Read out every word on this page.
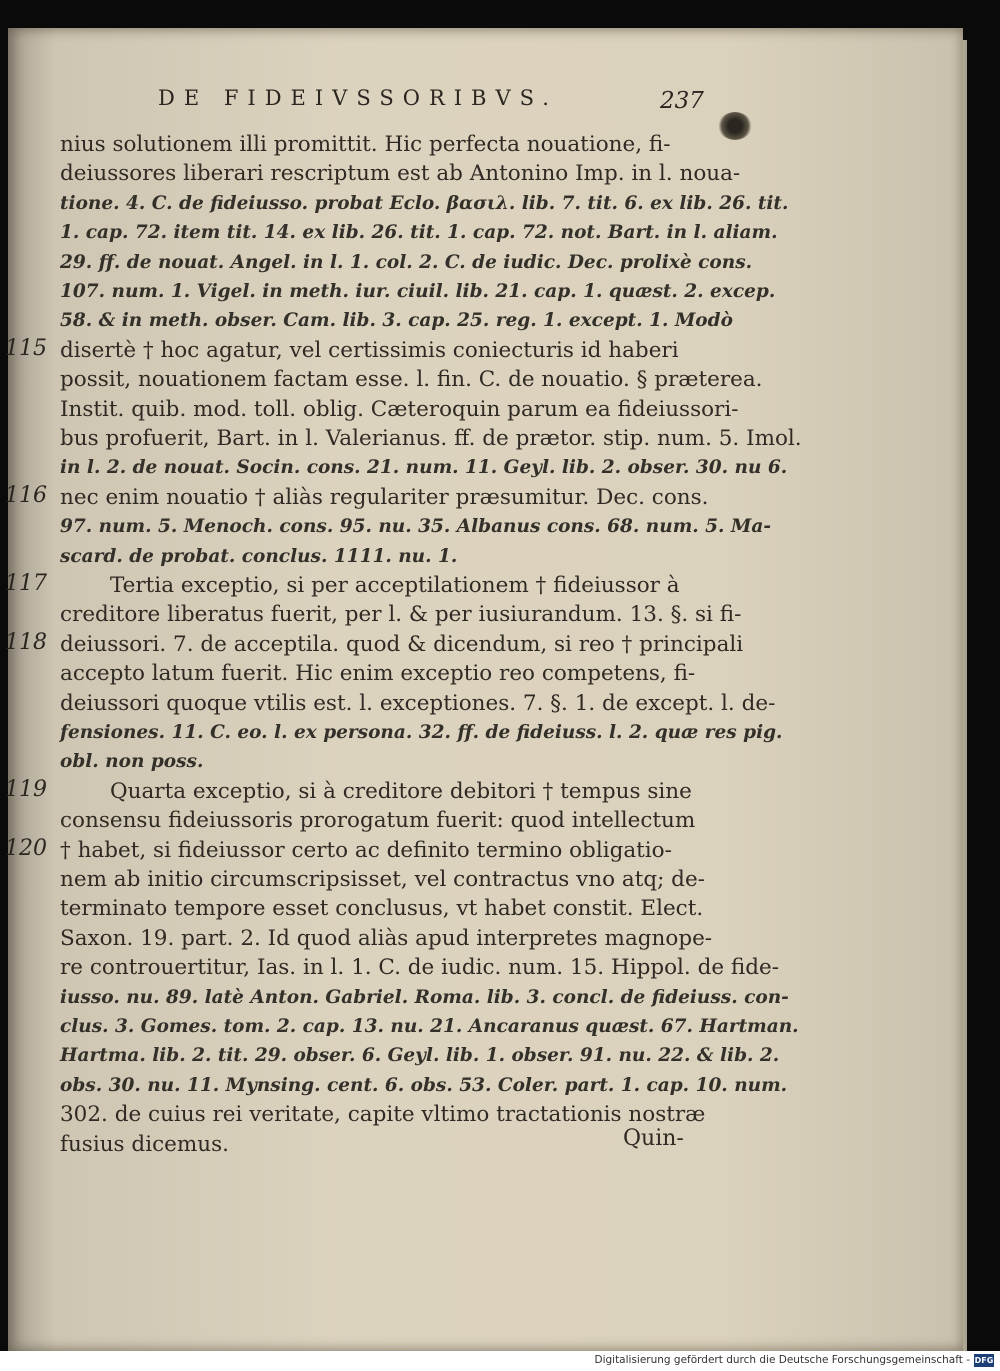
DE FIDEIVSSORIBVS.	237
nius solutionem illi promittit. Hic perfecta nouatione, fi-
deiussores liberari rescriptum est ab Antonino Imp. in l. noua-
tione. 4. C. de fideiusso. probat Eclo. βασιλ. lib. 7. tit. 6. ex lib. 26. tit.
1. cap. 72. item tit. 14. ex lib. 26. tit. 1. cap. 72. not. Bart. in l. aliam.
29. ff. de nouat. Angel. in l. 1. col. 2. C. de iudic. Dec. prolixè cons.
107. num. 1. Vigel. in meth. iur. ciuil. lib. 21. cap. 1. quæst. 2. excep.
58. & in meth. obser. Cam. lib. 3. cap. 25. reg. 1. except. 1. Modò
disertè † hoc agatur, vel certissimis coniecturis id haberi
possit, nouationem factam esse. l. fin. C. de nouatio. § præterea.
Instit. quib. mod. toll. oblig. Cæteroquin parum ea fideiussori-
bus profuerit, Bart. in l. Valerianus. ff. de prætor. stip. num. 5. Imol.
in l. 2. de nouat. Socin. cons. 21. num. 11. Geyl. lib. 2. obser. 30. nu 6.
nec enim nouatio † aliàs regulariter præsumitur. Dec. cons.
97. num. 5. Menoch. cons. 95. nu. 35. Albanus cons. 68. num. 5. Ma-
scard. de probat. conclus. 1111. nu. 1.
Tertia exceptio, si per acceptilationem † fideiussor à
creditore liberatus fuerit, per l. & per iusiurandum. 13. §. si fi-
deiussori. 7. de acceptila. quod & dicendum, si reo † principali
accepto latum fuerit. Hic enim exceptio reo competens, fi-
deiussori quoque vtilis est. l. exceptiones. 7. §. 1. de except. l. de-
fensiones. 11. C. eo. l. ex persona. 32. ff. de fideiuss. l. 2. quæ res pig.
obl. non poss.
Quarta exceptio, si à creditore debitori † tempus sine
consensu fideiussoris prorogatum fuerit: quod intellectum
† habet, si fideiussor certo ac definito termino obligatio-
nem ab initio circumscripsisset, vel contractus vno atq; de-
terminato tempore esset conclusus, vt habet constit. Elect.
Saxon. 19. part. 2. Id quod aliàs apud interpretes magnope-
re controuertitur, Ias. in l. 1. C. de iudic. num. 15. Hippol. de fide-
iusso. nu. 89. latè Anton. Gabriel. Roma. lib. 3. concl. de fideiuss. con-
clus. 3. Gomes. tom. 2. cap. 13. nu. 21. Ancaranus quæst. 67. Hartman.
Hartma. lib. 2. tit. 29. obser. 6. Geyl. lib. 1. obser. 91. nu. 22. & lib. 2.
obs. 30. nu. 11. Mynsing. cent. 6. obs. 53. Coler. part. 1. cap. 10. num.
302. de cuius rei veritate, capite vltimo tractationis nostræ
fusius dicemus.
115
116
117
118
119
120
Quin-
Digitalisierung gefördert durch die Deutsche Forschungsgemeinschaft - DFG
